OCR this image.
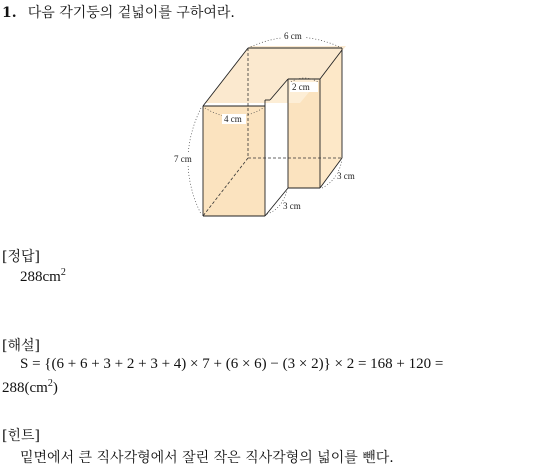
1. 다음 각기둥의 겉넓이를 구하여라.
6 cm
2 cm
4 cm
7 cm
3 cm
3 cm
[정답]
$288cm^2$
[해설]
S = {(6 + 6 + 3 + 2 + 3 + 4) × 7 + (6 × 6) − (3 × 2)} × 2 = 168 + 120 =
$288(cm^2)$
[힌트]
밑면에서 큰 직사각형에서 잘린 작은 직사각형의 넓이를 뺀다.
